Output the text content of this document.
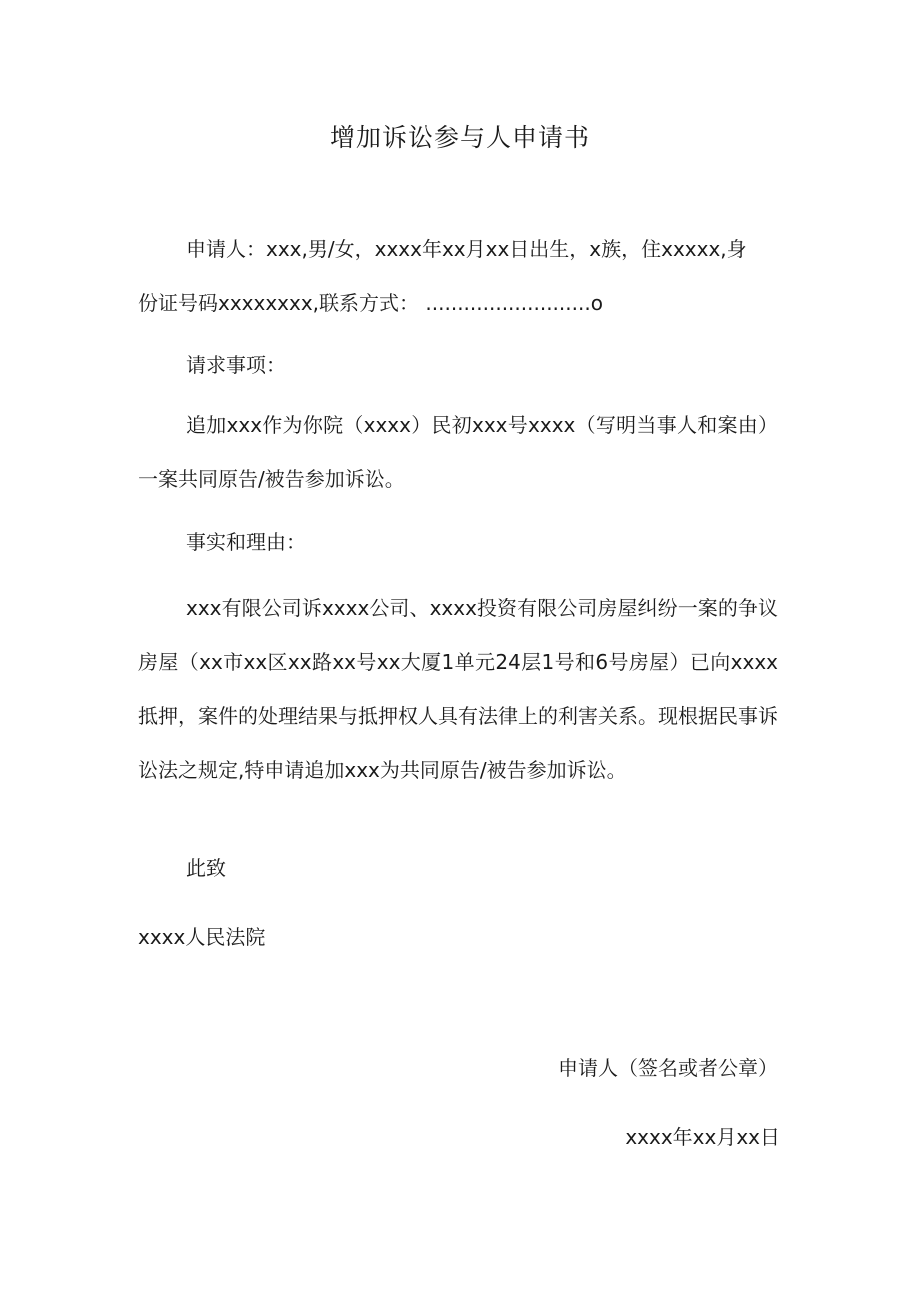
增加诉讼参与人申请书
申请人：xxx,男/女，xxxx年xx月xx日出生，x族，住xxxxx,身
份证号码xxxxxxxx,联系方式： ..........................o
请求事项：
追加xxx作为你院（xxxx）民初xxx号xxxx（写明当事人和案由）一案共同原告/被告参加诉讼。
事实和理由：
xxx有限公司诉xxxx公司、xxxx投资有限公司房屋纠纷一案的争议房屋（xx市xx区xx路xx号xx大厦1单元24层1号和6号房屋）已向xxxx抵押，案件的处理结果与抵押权人具有法律上的利害关系。现根据民事诉讼法之规定,特申请追加xxx为共同原告/被告参加诉讼。
此致
xxxx人民法院
申请人（签名或者公章）
xxxx年xx月xx日
